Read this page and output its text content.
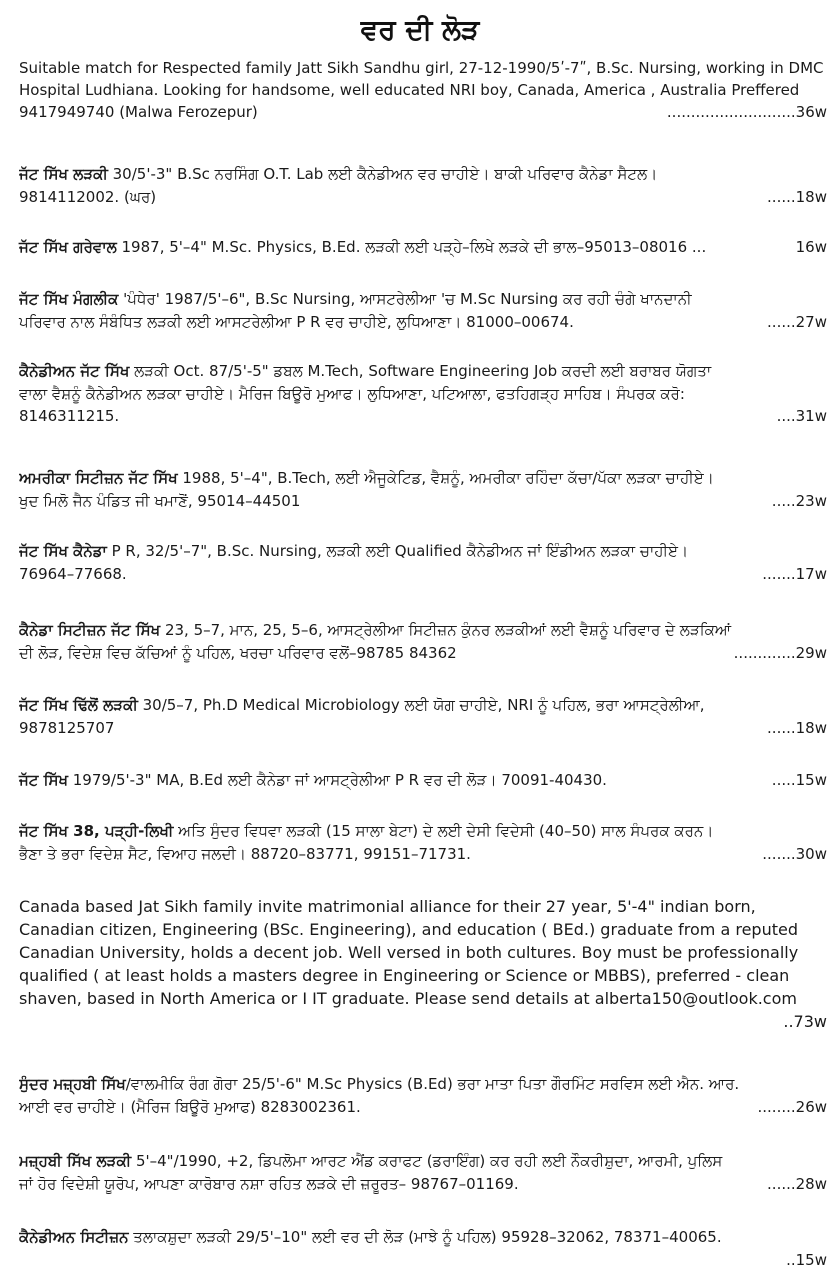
ਵਰ ਦੀ ਲੋੜ
Suitable match for Respected family Jatt Sikh Sandhu girl, 27-12-1990/5ʹ-7ʺ, B.Sc. Nursing, working in DMC
Hospital Ludhiana. Looking for handsome, well educated NRI boy, Canada, America , Australia Preffered
9417949740 (Malwa Ferozepur)	...........................36w
ਜੱਟ ਸਿੱਖ ਲੜਕੀ 30/5'-3" B.Sc ਨਰਸਿੰਗ O.T. Lab ਲਈ ਕੈਨੇਡੀਅਨ ਵਰ ਚਾਹੀਏ। ਬਾਕੀ ਪਰਿਵਾਰ ਕੈਨੇਡਾ ਸੈਟਲ।
9814112002. (ਘਰ)	......18w
ਜੱਟ ਸਿੱਖ ਗਰੇਵਾਲ 1987, 5'–4" M.Sc. Physics, B.Ed. ਲੜਕੀ ਲਈ ਪੜ੍ਹੇ–ਲਿਖੇ ਲੜਕੇ ਦੀ ਭਾਲ–95013–08016 ...	16w
ਜੱਟ ਸਿੱਖ ਮੰਗਲੀਕ 'ਪੰਧੇਰ' 1987/5'–6", B.Sc Nursing, ਆਸਟਰੇਲੀਆ 'ਚ M.Sc Nursing ਕਰ ਰਹੀ ਚੰਗੇ ਖਾਨਦਾਨੀ
ਪਰਿਵਾਰ ਨਾਲ ਸੰਬੰਧਿਤ ਲੜਕੀ ਲਈ ਆਸਟਰੇਲੀਆ P R ਵਰ ਚਾਹੀਏ, ਲੁਧਿਆਣਾ। 81000–00674.	......27w
ਕੈਨੇਡੀਅਨ ਜੱਟ ਸਿੱਖ ਲੜਕੀ Oct. 87/5'-5" ਡਬਲ M.Tech, Software Engineering Job ਕਰਦੀ ਲਈ ਬਰਾਬਰ ਯੋਗਤਾ
ਵਾਲਾ ਵੈਸ਼ਨੂੰ ਕੈਨੇਡੀਅਨ ਲੜਕਾ ਚਾਹੀਏ। ਮੈਰਿਜ ਬਿਊਰੋ ਮੁਆਫ। ਲੁਧਿਆਣਾ, ਪਟਿਆਲਾ, ਫਤਹਿਗੜ੍ਹ ਸਾਹਿਬ। ਸੰਪਰਕ ਕਰੋ:
8146311215.	....31w
ਅਮਰੀਕਾ ਸਿਟੀਜ਼ਨ ਜੱਟ ਸਿੱਖ 1988, 5'–4", B.Tech, ਲਈ ਐਜੂਕੇਟਿਡ, ਵੈਸ਼ਨੂੰ, ਅਮਰੀਕਾ ਰਹਿੰਦਾ ਕੱਚਾ/ਪੱਕਾ ਲੜਕਾ ਚਾਹੀਏ।
ਖੁਦ ਮਿਲੋ ਜੈਨ ਪੰਡਿਤ ਜੀ ਖਮਾਣੋਂ, 95014–44501	.....23w
ਜੱਟ ਸਿੱਖ ਕੈਨੇਡਾ P R, 32/5'–7", B.Sc. Nursing, ਲੜਕੀ ਲਈ Qualified ਕੈਨੇਡੀਅਨ ਜਾਂ ਇੰਡੀਅਨ ਲੜਕਾ ਚਾਹੀਏ।
76964–77668.	.......17w
ਕੈਨੇਡਾ ਸਿਟੀਜ਼ਨ ਜੱਟ ਸਿੱਖ 23, 5–7, ਮਾਨ, 25, 5–6, ਆਸਟ੍ਰੇਲੀਆ ਸਿਟੀਜ਼ਨ ਕੁੰਨਰ ਲੜਕੀਆਂ ਲਈ ਵੈਸ਼ਨੂੰ ਪਰਿਵਾਰ ਦੇ ਲੜਕਿਆਂ
ਦੀ ਲੋੜ, ਵਿਦੇਸ਼ ਵਿਚ ਕੱਚਿਆਂ ਨੂੰ ਪਹਿਲ, ਖਰਚਾ ਪਰਿਵਾਰ ਵਲੋਂ–98785 84362	.............29w
ਜੱਟ ਸਿੱਖ ਢਿੱਲੋਂ ਲੜਕੀ 30/5–7, Ph.D Medical Microbiology ਲਈ ਯੋਗ ਚਾਹੀਏ, NRI ਨੂੰ ਪਹਿਲ, ਭਰਾ ਆਸਟ੍ਰੇਲੀਆ,
9878125707	......18w
ਜੱਟ ਸਿੱਖ 1979/5'-3" MA, B.Ed ਲਈ ਕੈਨੇਡਾ ਜਾਂ ਆਸਟ੍ਰੇਲੀਆ P R ਵਰ ਦੀ ਲੋੜ। 70091-40430.	.....15w
ਜੱਟ ਸਿੱਖ 38, ਪੜ੍ਹੀ-ਲਿਖੀ ਅਤਿ ਸੁੰਦਰ ਵਿਧਵਾ ਲੜਕੀ (15 ਸਾਲਾ ਬੇਟਾ) ਦੇ ਲਈ ਦੇਸੀ ਵਿਦੇਸੀ (40–50) ਸਾਲ ਸੰਪਰਕ ਕਰਨ।
ਭੈਣਾ ਤੇ ਭਰਾ ਵਿਦੇਸ਼ ਸੈਟ, ਵਿਆਹ ਜਲਦੀ। 88720–83771, 99151–71731.	.......30w
Canada based Jat Sikh family invite matrimonial alliance for their 27 year, 5'-4" indian born,
Canadian citizen, Engineering (BSc. Engineering), and education ( BEd.) graduate from a reputed
Canadian University, holds a decent job. Well versed in both cultures. Boy must be professionally
qualified ( at least holds a masters degree in Engineering or Science or MBBS), preferred - clean
shaven, based in North America or I IT graduate. Please send details at alberta150@outlook.com
..73w
ਸੁੰਦਰ ਮਜ਼੍ਹਬੀ ਸਿੱਖ/ਵਾਲਮੀਕਿ ਰੰਗ ਗੋਰਾ 25/5'-6" M.Sc Physics (B.Ed) ਭਰਾ ਮਾਤਾ ਪਿਤਾ ਗੌਰਮਿੰਟ ਸਰਵਿਸ ਲਈ ਐਨ. ਆਰ.
ਆਈ ਵਰ ਚਾਹੀਏ। (ਮੈਰਿਜ ਬਿਊਰੋ ਮੁਆਫ) 8283002361.	........26w
ਮਜ਼੍ਹਬੀ ਸਿੱਖ ਲੜਕੀ 5'–4"/1990, +2, ਡਿਪਲੋਮਾ ਆਰਟ ਐਂਡ ਕਰਾਫਟ (ਡਰਾਇੰਗ) ਕਰ ਰਹੀ ਲਈ ਨੌਕਰੀਸ਼ੁਦਾ, ਆਰਮੀ, ਪੁਲਿਸ
ਜਾਂ ਹੋਰ ਵਿਦੇਸ਼ੀ ਯੂਰੋਪ, ਆਪਣਾ ਕਾਰੋਬਾਰ ਨਸ਼ਾ ਰਹਿਤ ਲੜਕੇ ਦੀ ਜ਼ਰੂਰਤ– 98767–01169.	......28w
ਕੈਨੇਡੀਅਨ ਸਿਟੀਜ਼ਨ ਤਲਾਕਸ਼ੁਦਾ ਲੜਕੀ 29/5'–10" ਲਈ ਵਰ ਦੀ ਲੋੜ (ਮਾਝੇ ਨੂੰ ਪਹਿਲ) 95928–32062, 78371–40065.
..15w
